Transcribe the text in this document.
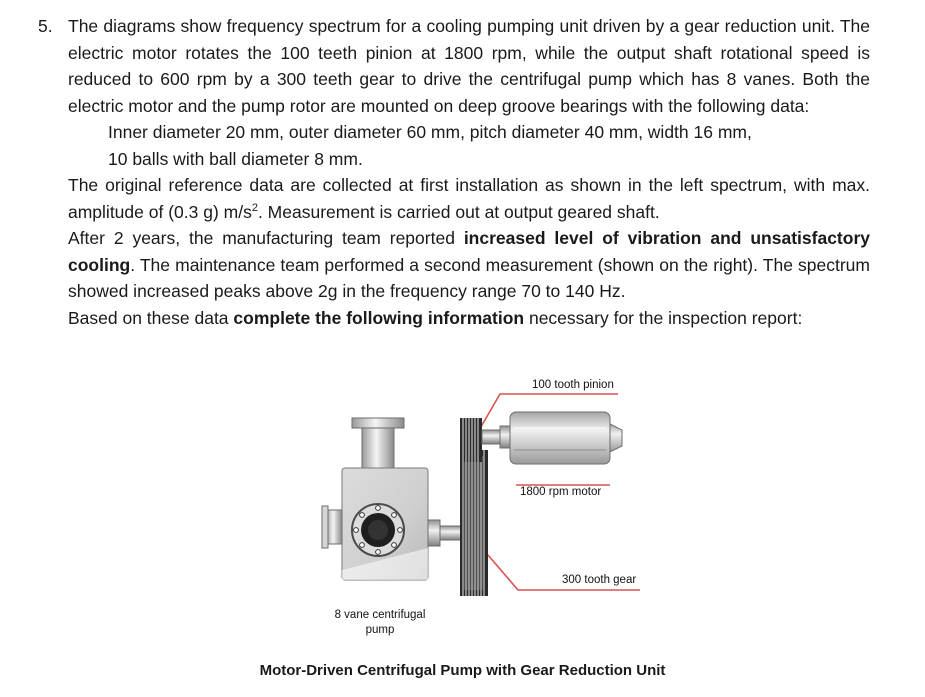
5. The diagrams show frequency spectrum for a cooling pumping unit driven by a gear reduction unit. The electric motor rotates the 100 teeth pinion at 1800 rpm, while the output shaft rotational speed is reduced to 600 rpm by a 300 teeth gear to drive the centrifugal pump which has 8 vanes. Both the electric motor and the pump rotor are mounted on deep groove bearings with the following data:

Inner diameter 20 mm, outer diameter 60 mm, pitch diameter 40 mm, width 16 mm,

10 balls with ball diameter 8 mm.

The original reference data are collected at first installation as shown in the left spectrum, with max. amplitude of (0.3 g) $m/s^2$. Measurement is carried out at output geared shaft.

After 2 years, the manufacturing team reported increased level of vibration and unsatisfactory cooling. The maintenance team performed a second measurement (shown on the right). The spectrum showed increased peaks above 2g in the frequency range 70 to 140 Hz.

Based on these data complete the following information necessary for the inspection report:

100 tooth pinion
1800 rpm motor
300 tooth gear
8 vane centrifugal pump
Motor-Driven Centrifugal Pump with Gear Reduction Unit
